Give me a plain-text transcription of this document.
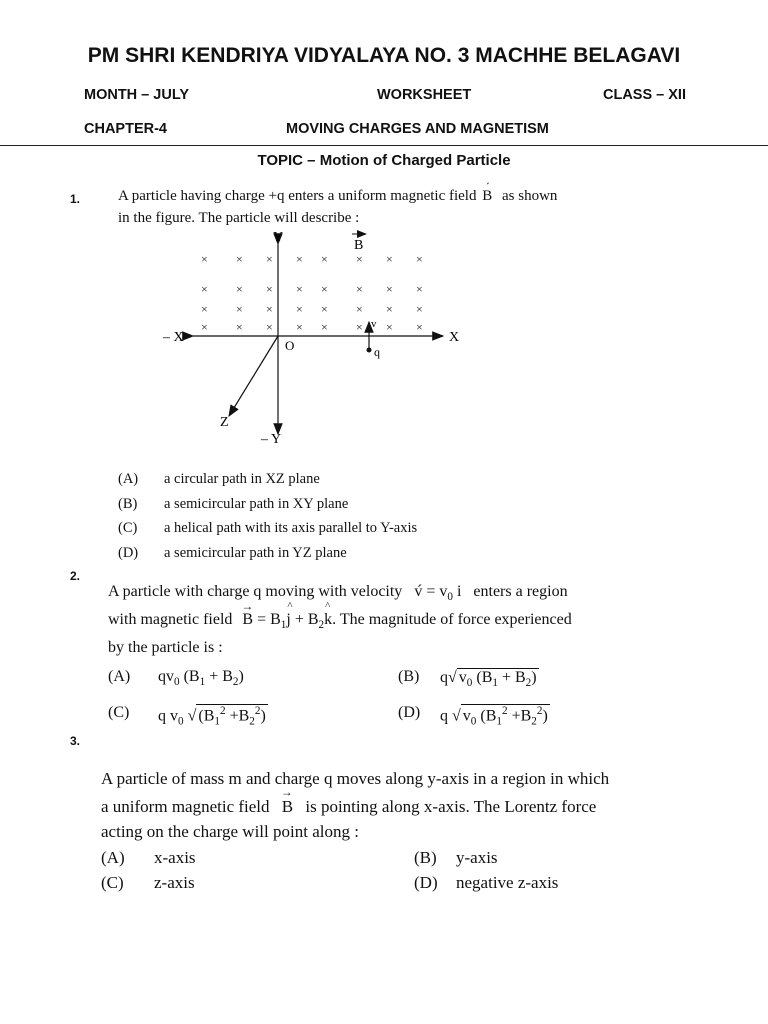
PM SHRI KENDRIYA VIDYALAYA NO. 3 MACHHE BELAGAVI
MONTH – JULY	WORKSHEET	CLASS – XII
CHAPTER-4	MOVING CHARGES AND MAGNETISM
TOPIC – Motion of Charged Particle
1.	A particle having charge +q enters a uniform magnetic field B as shown
in the figure. The particle will describe :
× × × × × × × ×
× × × × × × × ×
× × × × × × × ×
× × × × × × × ×
Y
– Y
X
– X
Z
O
B
v
q
(A) a circular path in XZ plane
(B) a semicircular path in XY plane
(C) a helical path with its axis parallel to Y-axis
(D) a semicircular path in YZ plane
2.
A particle with charge q moving with velocity v́ = $v_0$ i enters a region
with magnetic field → $B = B_1\^{}$ $j + B_2\^{}$ k. The magnitude of force experienced
by the particle is :
(A) $qv_0$ $(B_1 + B_2)$	(B) q√ $v_0$ $(B_1 + B_2)$
(C) q $v_0$ √ $(B_1^2 +B_2^2)$	(D) q √ $v_0$ $(B_1^2 +B_2^2)$
3.
A particle of mass m and charge q moves along y-axis in a region in which
a uniform magnetic field → B is pointing along x-axis. The Lorentz force
acting on the charge will point along :
(A) x-axis	(B) y-axis
(C) z-axis	(D) negative z-axis
